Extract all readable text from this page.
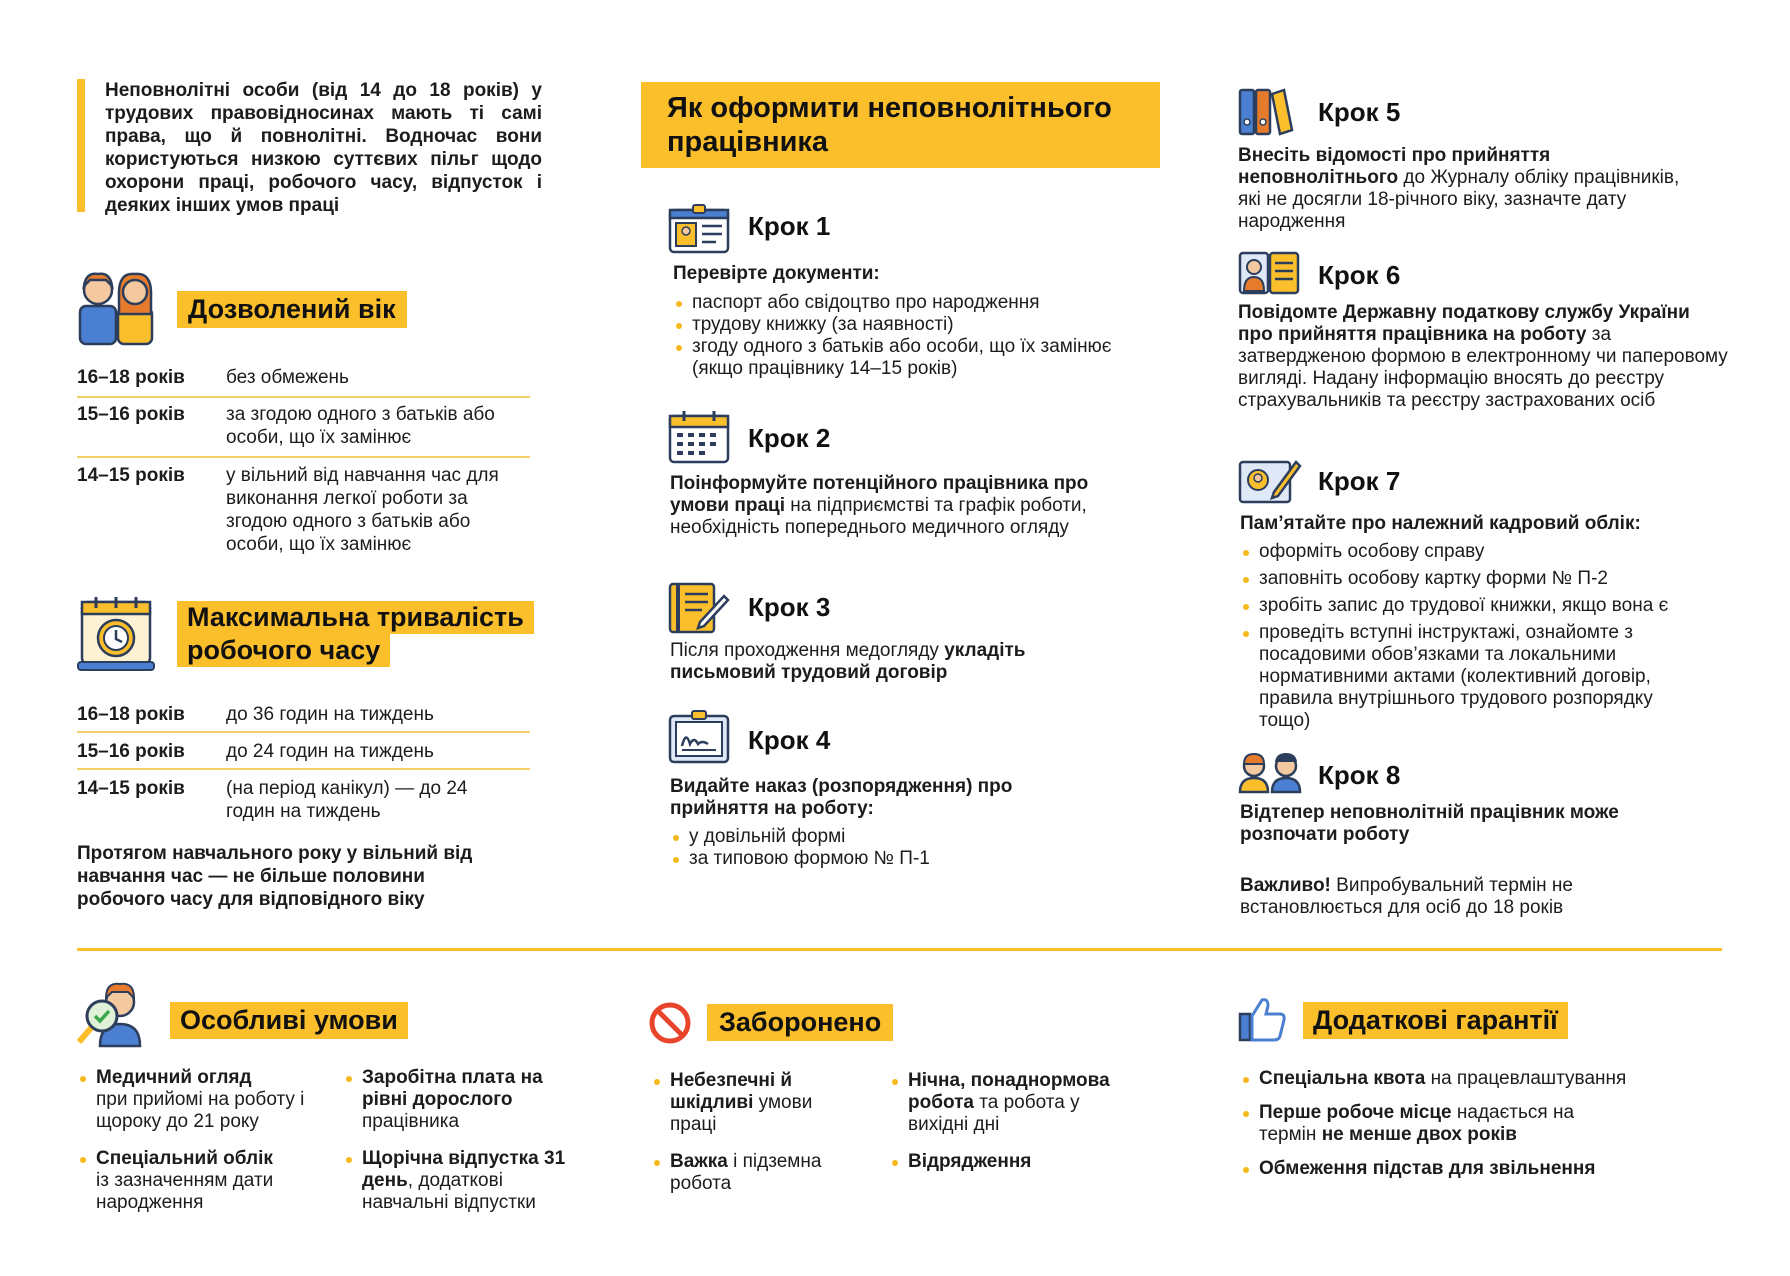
Неповнолітні особи (від 14 до 18 років) у трудових правовідносинах мають ті самі права, що й повнолітні. Водночас вони користуються низкою суттєвих пільг щодо охорони праці, робочого часу, відпусток і деяких інших умов праці
Дозволений вік
16–18 років без обмежень
15–16 років за згодою одного з батьків або особи, що їх замінює
14–15 років у вільний від навчання час для виконання легкої роботи за згодою одного з батьків або особи, що їх замінює
Максимальна тривалість
робочого часу
16–18 років до 36 годин на тиждень
15–16 років до 24 годин на тиждень
14–15 років (на період канікул) — до 24 годин на тиждень
Протягом навчального року у вільний від навчання час — не більше половини робочого часу для відповідного віку
Як оформити неповнолітнього працівника
Крок 1
Перевірте документи:
паспорт або свідоцтво про народження
трудову книжку (за наявності)
згоду одного з батьків або особи, що їх замінює (якщо працівнику 14–15 років)
Крок 2
Поінформуйте потенційного працівника про умови праці на підприємстві та графік роботи, необхідність попереднього медичного огляду
Крок 3
Після проходження медогляду укладіть письмовий трудовий договір
Крок 4
Видайте наказ (розпорядження) про прийняття на роботу:
у довільній формі
за типовою формою № П-1
Крок 5
Внесіть відомості про прийняття неповнолітнього до Журналу обліку працівників, які не досягли 18-річного віку, зазначте дату народження
Крок 6
Повідомте Державну податкову службу України про прийняття працівника на роботу за затвердженою формою в електронному чи паперовому вигляді. Надану інформацію вносять до реєстру страхувальників та реєстру застрахованих осіб
Крок 7
Пам’ятайте про належний кадровий облік:
оформіть особову справу
заповніть особову картку форми № П-2
зробіть запис до трудової книжки, якщо вона є
проведіть вступні інструктажі, ознайомте з посадовими обов’язками та локальними нормативними актами (колективний договір, правила внутрішнього трудового розпорядку тощо)
Крок 8
Відтепер неповнолітній працівник може розпочати роботу
Важливо! Випробувальний термін не встановлюється для осіб до 18 років
Особливі умови
Медичний огляд
при прийомі на роботу і щороку до 21 року
Спеціальний облік
із зазначенням дати народження
Заробітна плата на рівні дорослого
працівника
Щорічна відпустка 31 день, додаткові навчальні відпустки
Заборонено
Небезпечні й шкідливі умови праці
Важка і підземна робота
Нічна, понаднормова робота та робота у вихідні дні
Відрядження
Додаткові гарантії
Спеціальна квота на працевлаштування
Перше робоче місце надається на термін не менше двох років
Обмеження підстав для звільнення
